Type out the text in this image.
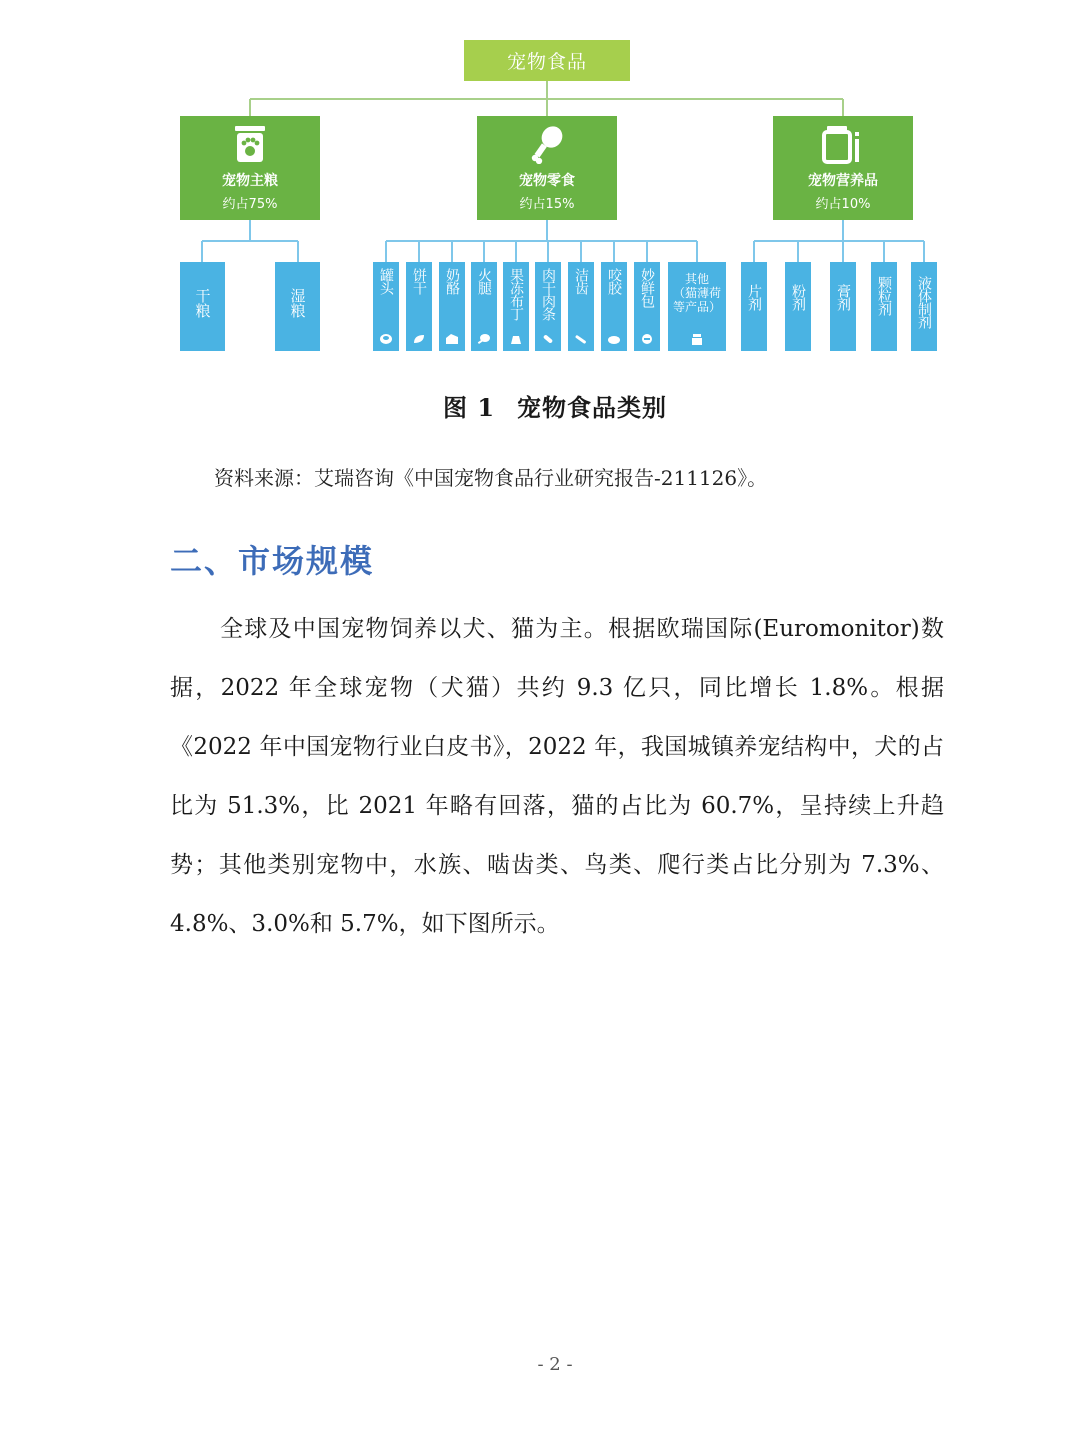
宠物食品
宠物主粮
约占75%
宠物零食
约占15%
宠物营养品
约占10%
干粮	湿粮
罐头 饼干 奶酪 火腿 果冻布丁 肉干肉条 洁齿 咬胶 妙鲜包	其他
（猫薄荷
等产品） 片剂 粉剂 膏剂 颗粒剂 液体制剂
图 1 宠物食品类别
资料来源：艾瑞咨询《中国宠物食品行业研究报告-211126》。
二、市场规模
全球及中国宠物饲养以犬、猫为主。根据欧瑞国际(Euromonitor)数据，2022 年全球宠物（犬猫）共约 9.3 亿只，同比增长 1.8%。根据《2022 年中国宠物行业白皮书》，2022 年，我国城镇养宠结构中，犬的占比为 51.3%，比 2021 年略有回落，猫的占比为 60.7%，呈持续上升趋势；其他类别宠物中，水族、啮齿类、鸟类、爬行类占比分别为 7.3%、4.8%、3.0%和 5.7%，如下图所示。
- 2 -
